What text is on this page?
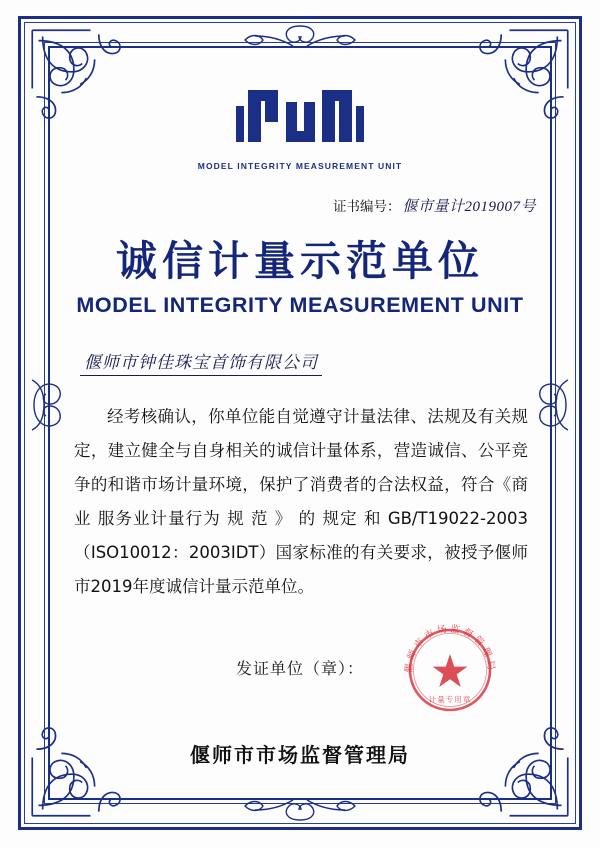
MODEL INTEGRITY MEASUREMENT UNIT
证书编号： 偃市量计2019007号
诚信计量示范单位
MODEL INTEGRITY MEASUREMENT UNIT
偃师市钟佳珠宝首饰有限公司

经考核确认，你单位能自觉遵守计量法律、法规及有关规定，建立健全与自身相关的诚信计量体系，营造诚信、公平竞争的和谐市场计量环境，保护了消费者的合法权益，符合《商业 服务业计量行为 规 范 》 的 规定 和 GB/T19022-2003（ISO10012：2003IDT）国家标准的有关要求，被授予偃师市2019年度诚信计量示范单位。

发证单位（章）：	偃师市市场监督管理局
计量专用章
偃师市市场监督管理局
